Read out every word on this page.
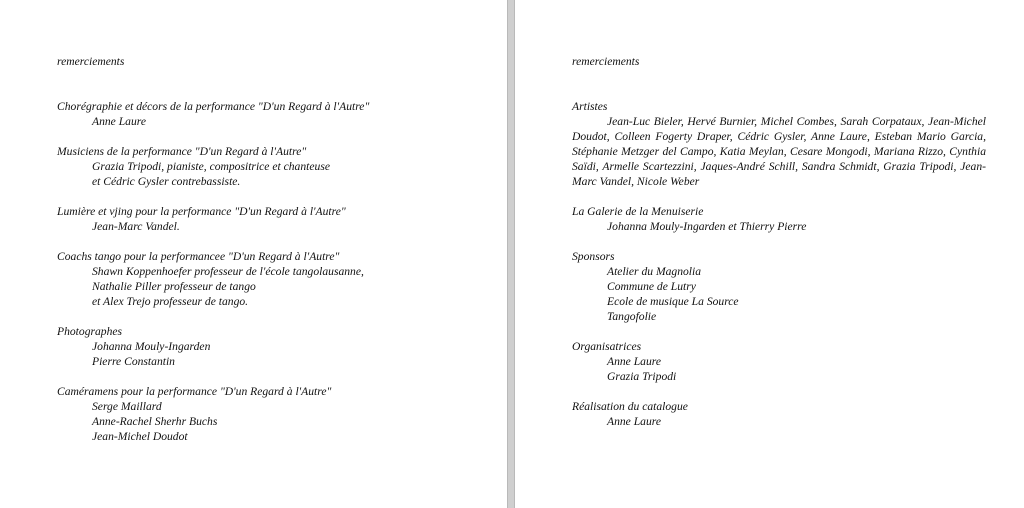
remerciements

Chorégraphie et décors de la performance "D'un Regard à l'Autre"

Anne Laure

Musiciens de la performance "D'un Regard à l'Autre"

Grazia Tripodi, pianiste, compositrice et chanteuse

et Cédric Gysler contrebassiste.

Lumière et vjing pour la performance "D'un Regard à l'Autre"

Jean-Marc Vandel.

Coachs tango pour la performancee "D'un Regard à l'Autre"

Shawn Koppenhoefer professeur de l'école tangolausanne,

Nathalie Piller professeur de tango

et Alex Trejo professeur de tango.

Photographes

Johanna Mouly-Ingarden

Pierre Constantin

Caméramens pour la performance "D'un Regard à l'Autre"

Serge Maillard

Anne-Rachel Sherhr Buchs

Jean-Michel Doudot

remerciements

Artistes

Jean-Luc Bieler, Hervé Burnier, Michel Combes, Sarah Corpataux, Jean-Michel Doudot, Colleen Fogerty Draper, Cédric Gysler, Anne Laure, Esteban Mario Garcia, Stéphanie Metzger del Campo, Katia Meylan, Cesare Mongodi, Mariana Rizzo, Cynthia Saïdi, Armelle Scartezzini, Jaques-André Schill, Sandra Schmidt, Grazia Tripodi, Jean-Marc Vandel, Nicole Weber

La Galerie de la Menuiserie

Johanna Mouly-Ingarden et Thierry Pierre

Sponsors

Atelier du Magnolia

Commune de Lutry

Ecole de musique La Source

Tangofolie

Organisatrices

Anne Laure

Grazia Tripodi

Réalisation du catalogue

Anne Laure
